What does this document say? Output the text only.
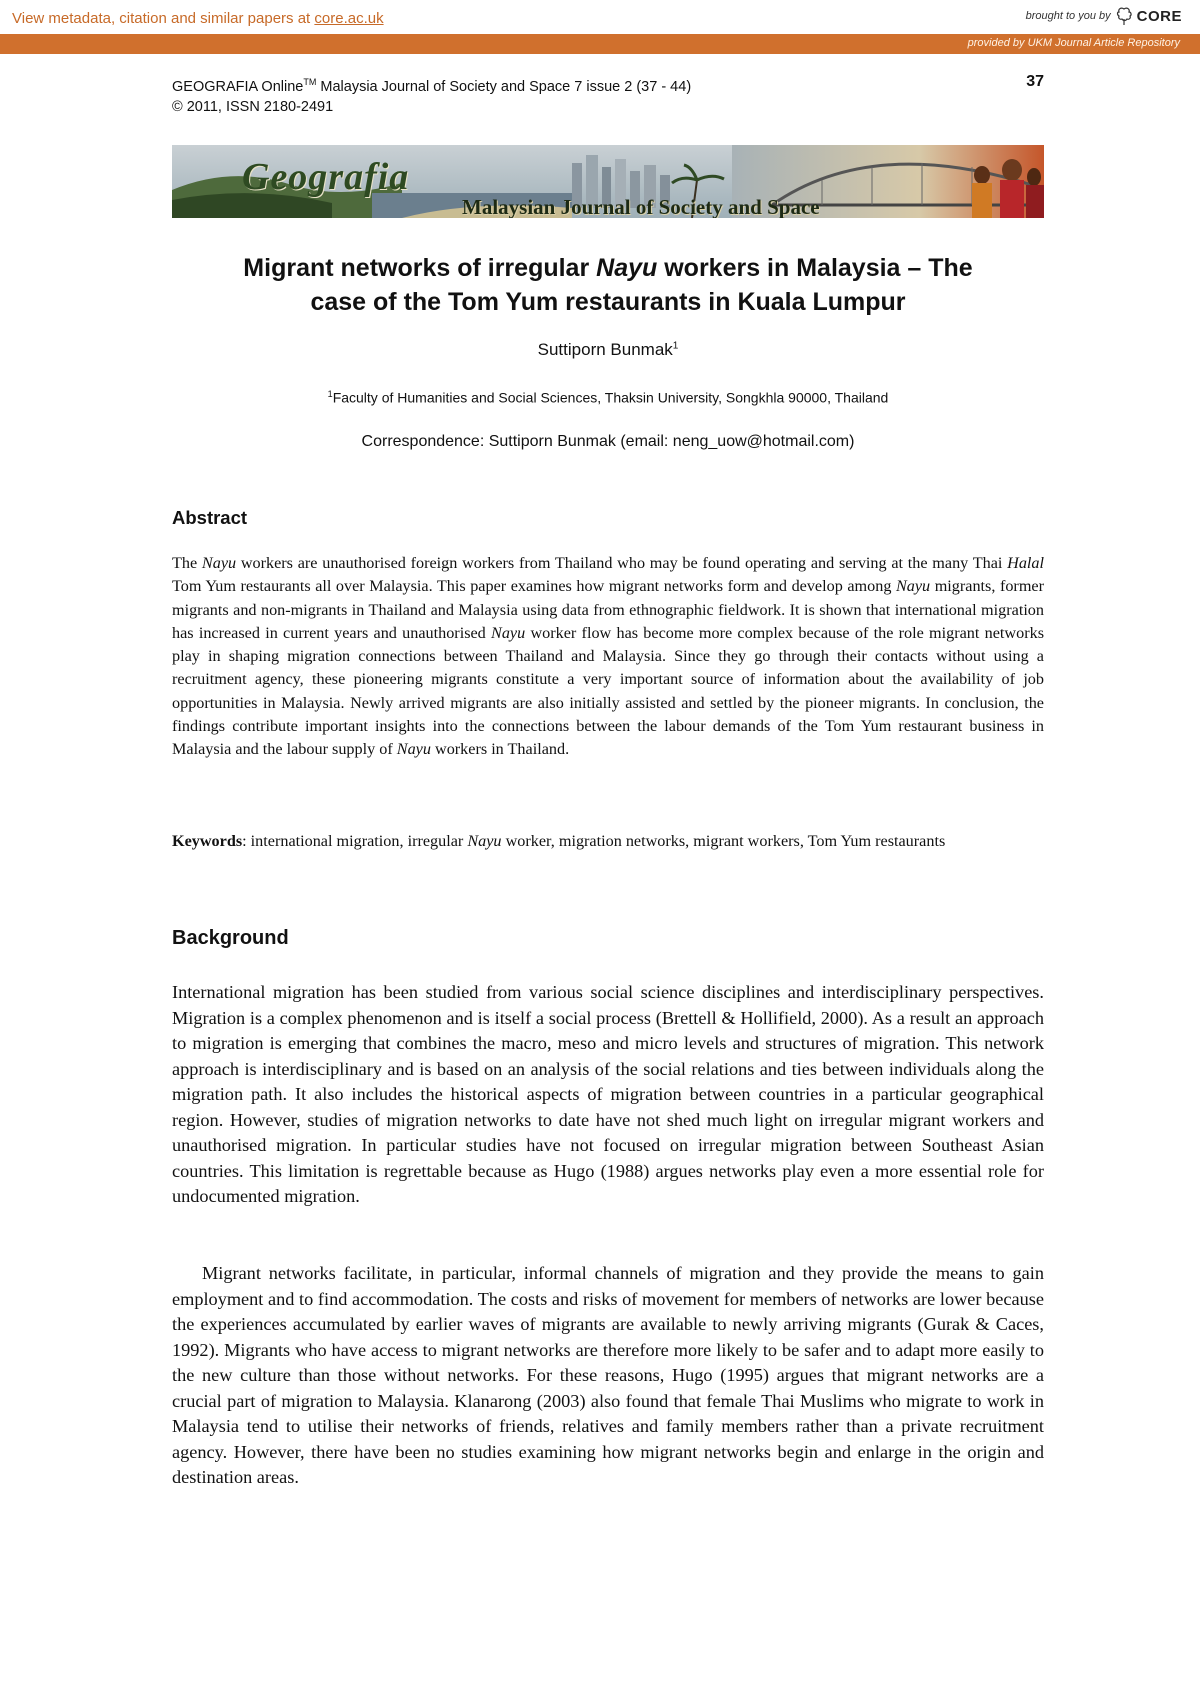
View metadata, citation and similar papers at core.ac.uk	brought to you by CORE
provided by UKM Journal Article Repository
GEOGRAFIA Online™ Malaysia Journal of Society and Space 7 issue 2 (37 - 44)
© 2011, ISSN 2180-2491
37
Geografia
Malaysian Journal of Society and Space
Migrant networks of irregular Nayu workers in Malaysia – The
case of the Tom Yum restaurants in Kuala Lumpur
Suttiporn Bunmak$^1$
$^1$Faculty of Humanities and Social Sciences, Thaksin University, Songkhla 90000, Thailand
Correspondence: Suttiporn Bunmak (email: neng_uow@hotmail.com)
Abstract
The Nayu workers are unauthorised foreign workers from Thailand who may be found operating and serving at the many Thai Halal Tom Yum restaurants all over Malaysia. This paper examines how migrant networks form and develop among Nayu migrants, former migrants and non-migrants in Thailand and Malaysia using data from ethnographic fieldwork. It is shown that international migration has increased in current years and unauthorised Nayu worker flow has become more complex because of the role migrant networks play in shaping migration connections between Thailand and Malaysia. Since they go through their contacts without using a recruitment agency, these pioneering migrants constitute a very important source of information about the availability of job opportunities in Malaysia. Newly arrived migrants are also initially assisted and settled by the pioneer migrants. In conclusion, the findings contribute important insights into the connections between the labour demands of the Tom Yum restaurant business in Malaysia and the labour supply of Nayu workers in Thailand.
Keywords: international migration, irregular Nayu worker, migration networks, migrant workers, Tom Yum restaurants
Background
International migration has been studied from various social science disciplines and interdisciplinary perspectives. Migration is a complex phenomenon and is itself a social process (Brettell & Hollifield, 2000). As a result an approach to migration is emerging that combines the macro, meso and micro levels and structures of migration. This network approach is interdisciplinary and is based on an analysis of the social relations and ties between individuals along the migration path. It also includes the historical aspects of migration between countries in a particular geographical region. However, studies of migration networks to date have not shed much light on irregular migrant workers and unauthorised migration. In particular studies have not focused on irregular migration between Southeast Asian countries. This limitation is regrettable because as Hugo (1988) argues networks play even a more essential role for undocumented migration.
Migrant networks facilitate, in particular, informal channels of migration and they provide the means to gain employment and to find accommodation. The costs and risks of movement for members of networks are lower because the experiences accumulated by earlier waves of migrants are available to newly arriving migrants (Gurak & Caces, 1992). Migrants who have access to migrant networks are therefore more likely to be safer and to adapt more easily to the new culture than those without networks. For these reasons, Hugo (1995) argues that migrant networks are a crucial part of migration to Malaysia. Klanarong (2003) also found that female Thai Muslims who migrate to work in Malaysia tend to utilise their networks of friends, relatives and family members rather than a private recruitment agency. However, there have been no studies examining how migrant networks begin and enlarge in the origin and destination areas.
